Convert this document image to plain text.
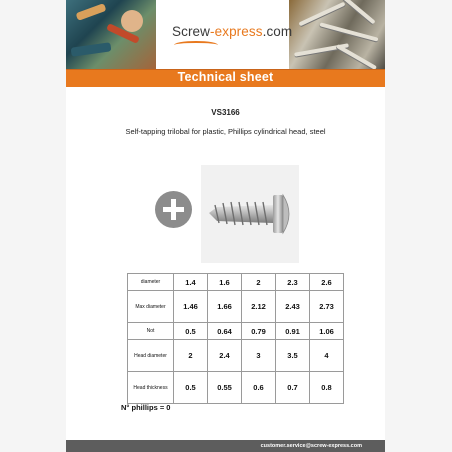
Screw-express.com
Technical sheet
VS3166
Self-tapping trilobal for plastic, Phillips cylindrical head, steel
diameter	1.4	1.6	2	2.3	2.6
Max diameter	1.46	1.66	2.12	2.43	2.73
Not	0.5	0.64	0.79	0.91	1.06
Head diameter	2	2.4	3	3.5	4
Head thickness	0.5	0.55	0.6	0.7	0.8
N° phillips = 0
customer.service@screw-express.com
